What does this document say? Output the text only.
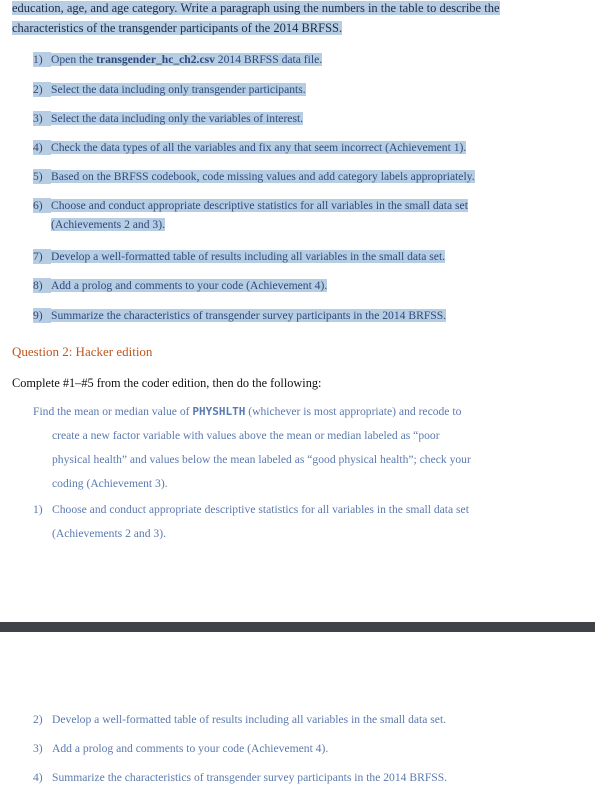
education, age, and age category. Write a paragraph using the numbers in the table to describe the
characteristics of the transgender participants of the 2014 BRFSS.
1) Open the transgender_hc_ch2.csv 2014 BRFSS data file.
2) Select the data including only transgender participants.
3) Select the data including only the variables of interest.
4) Check the data types of all the variables and fix any that seem incorrect (Achievement 1).
5) Based on the BRFSS codebook, code missing values and add category labels appropriately.
6) Choose and conduct appropriate descriptive statistics for all variables in the small data set
(Achievements 2 and 3).
7) Develop a well-formatted table of results including all variables in the small data set.
8) Add a prolog and comments to your code (Achievement 4).
9) Summarize the characteristics of transgender survey participants in the 2014 BRFSS.
Question 2: Hacker edition
Complete #1–#5 from the coder edition, then do the following:
Find the mean or median value of PHYSHLTH (whichever is most appropriate) and recode to
create a new factor variable with values above the mean or median labeled as “poor
physical health” and values below the mean labeled as “good physical health”; check your
coding (Achievement 3).
1) Choose and conduct appropriate descriptive statistics for all variables in the small data set
(Achievements 2 and 3).
2) Develop a well-formatted table of results including all variables in the small data set.
3) Add a prolog and comments to your code (Achievement 4).
4) Summarize the characteristics of transgender survey participants in the 2014 BRFSS.
